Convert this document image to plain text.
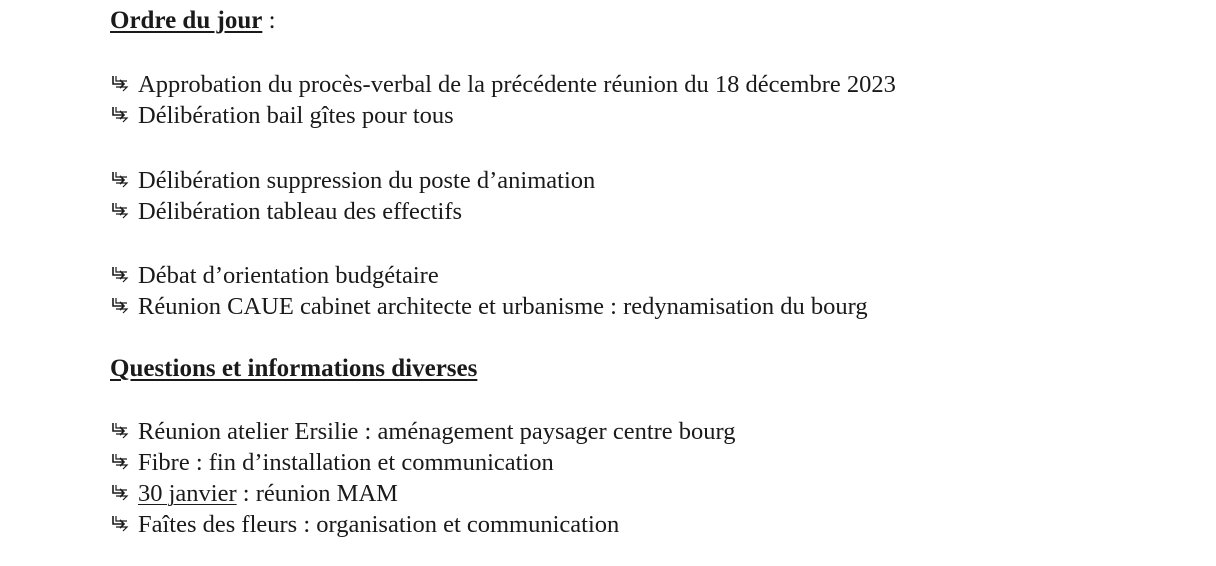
Ordre du jour :
Approbation du procès-verbal de la précédente réunion du 18 décembre 2023
Délibération bail gîtes pour tous
Délibération suppression du poste d’animation
Délibération tableau des effectifs
Débat d’orientation budgétaire
Réunion CAUE cabinet architecte et urbanisme : redynamisation du bourg
Questions et informations diverses
Réunion atelier Ersilie : aménagement paysager centre bourg
Fibre : fin d’installation et communication
30 janvier : réunion MAM
Faîtes des fleurs : organisation et communication
